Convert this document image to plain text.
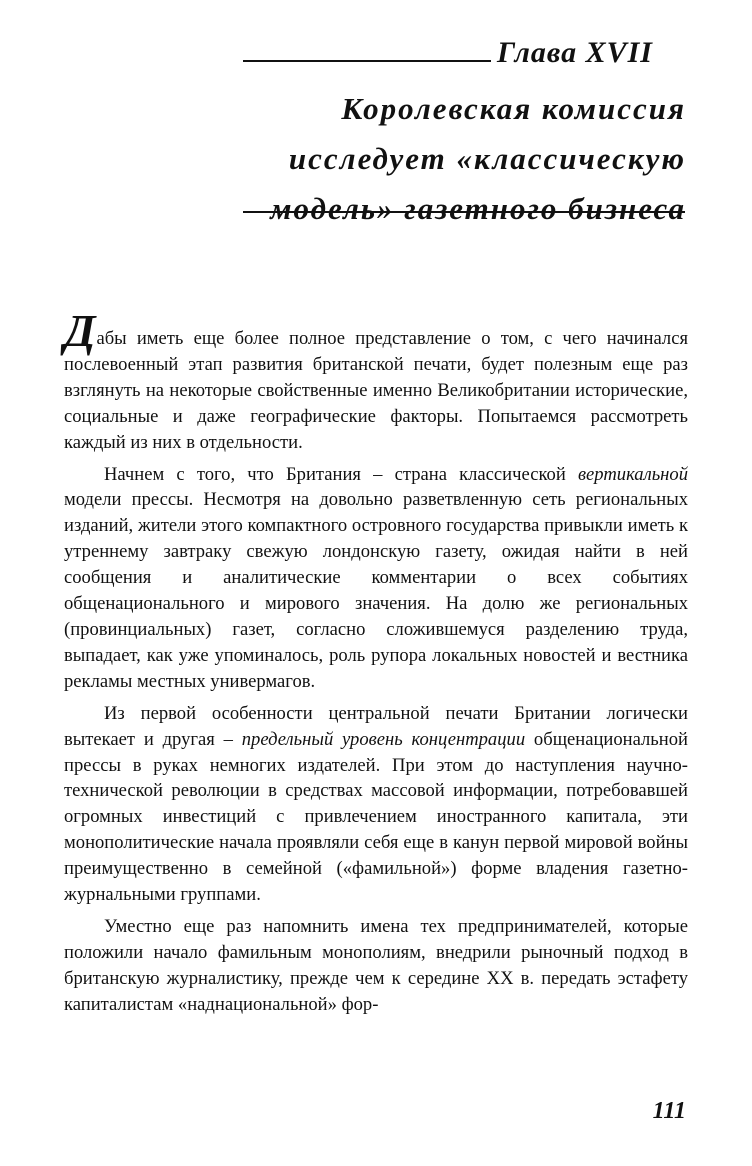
Глава XVII
Королевская комиссия
исследует «классическую
модель» газетного бизнеса

Дабы иметь еще более полное представление о том, с чего начинался послевоенный этап развития британской печати, будет полезным еще раз взглянуть на некоторые свойственные именно Великобритании исторические, социальные и даже географические факторы. Попытаемся рассмотреть каждый из них в отдельности.

Начнем с того, что Британия – страна классической вертикальной модели прессы. Несмотря на довольно разветвленную сеть региональных изданий, жители этого компактного островного государства привыкли иметь к утреннему завтраку свежую лондонскую газету, ожидая найти в ней сообщения и аналитические комментарии о всех событиях общенационального и мирового значения. На долю же региональных (провинциальных) газет, согласно сложившемуся разделению труда, выпадает, как уже упоминалось, роль рупора локальных новостей и вестника рекламы местных универмагов.

Из первой особенности центральной печати Британии логически вытекает и другая – предельный уровень концентрации общенациональной прессы в руках немногих издателей. При этом до наступления научно-технической революции в средствах массовой информации, потребовавшей огромных инвестиций с привлечением иностранного капитала, эти монополитические начала проявляли себя еще в канун первой мировой войны преимущественно в семейной («фамильной») форме владения газетно-журнальными группами.

Уместно еще раз напомнить имена тех предпринимателей, которые положили начало фамильным монополиям, внедрили рыночный подход в британскую журналистику, прежде чем к середине XX в. передать эстафету капиталистам «наднациональной» фор-

111
